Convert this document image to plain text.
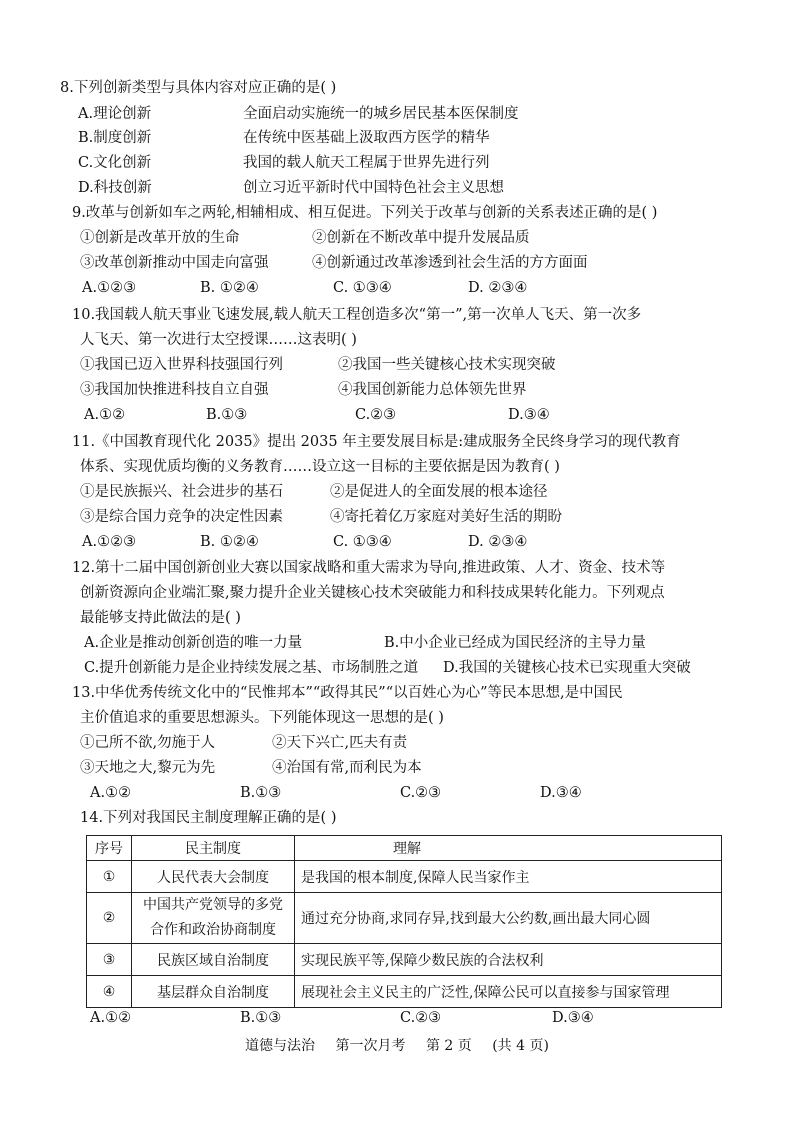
8.下列创新类型与具体内容对应正确的是( )
A.理论创新	全面启动实施统一的城乡居民基本医保制度
B.制度创新	在传统中医基础上汲取西方医学的精华
C.文化创新	我国的载人航天工程属于世界先进行列
D.科技创新	创立习近平新时代中国特色社会主义思想
9.改革与创新如车之两轮,相辅相成、相互促进。下列关于改革与创新的关系表述正确的是( )
①创新是改革开放的生命	②创新在不断改革中提升发展品质
③改革创新推动中国走向富强	④创新通过改革渗透到社会生活的方方面面
A.①②③	B. ①②④	C. ①③④	D. ②③④
10.我国载人航天事业飞速发展,载人航天工程创造多次“第一”,第一次单人飞天、第一次多
人飞天、第一次进行太空授课……这表明( )
①我国已迈入世界科技强国行列	②我国一些关键核心技术实现突破
③我国加快推进科技自立自强	④我国创新能力总体领先世界
A.①②	B.①③	C.②③	D.③④
11.《中国教育现代化 2035》提出 2035 年主要发展目标是:建成服务全民终身学习的现代教育
体系、实现优质均衡的义务教育……设立这一目标的主要依据是因为教育( )
①是民族振兴、社会进步的基石	②是促进人的全面发展的根本途径
③是综合国力竞争的决定性因素	④寄托着亿万家庭对美好生活的期盼
A.①②③	B. ①②④	C. ①③④	D. ②③④
12.第十二届中国创新创业大赛以国家战略和重大需求为导向,推进政策、人才、资金、技术等
创新资源向企业端汇聚,聚力提升企业关键核心技术突破能力和科技成果转化能力。下列观点
最能够支持此做法的是( )
A.企业是推动创新创造的唯一力量	B.中小企业已经成为国民经济的主导力量
C.提升创新能力是企业持续发展之基、市场制胜之道 D.我国的关键核心技术已实现重大突破
13.中华优秀传统文化中的“民惟邦本”“政得其民”“以百姓心为心”等民本思想,是中国民
主价值追求的重要思想源头。下列能体现这一思想的是( )
①己所不欲,勿施于人	②天下兴亡,匹夫有责
③天地之大,黎元为先	④治国有常,而利民为本
A.①②	B.①③	C.②③	D.③④
14.下列对我国民主制度理解正确的是( )
序号	民主制度	理解
①	人民代表大会制度	是我国的根本制度,保障人民当家作主
②	中国共产党领导的多党合作和政治协商制度	通过充分协商,求同存异,找到最大公约数,画出最大同心圆
③	民族区域自治制度	实现民族平等,保障少数民族的合法权利
④	基层群众自治制度	展现社会主义民主的广泛性,保障公民可以直接参与国家管理
A.①②	B.①③	C.②③	D.③④
道德与法治 第一次月考 第 2 页 (共 4 页)
